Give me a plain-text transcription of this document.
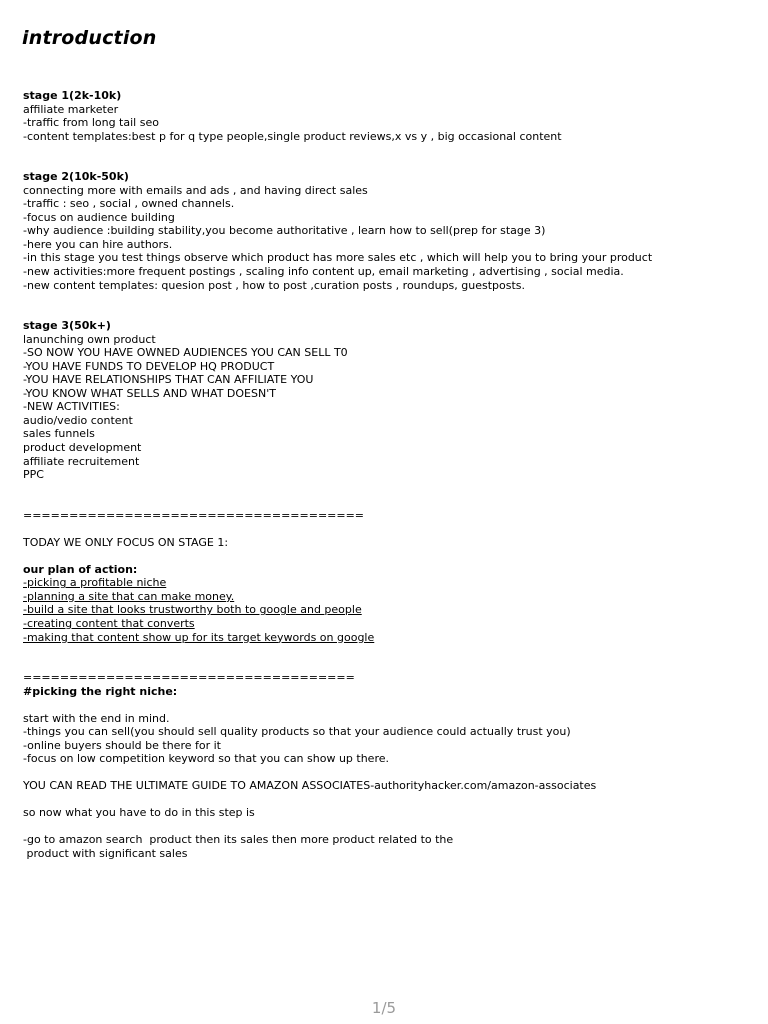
introduction
stage 1(2k-10k)
affiliate marketer
-traffic from long tail seo
-content templates:best p for q type people,single product reviews,x vs y , big occasional content
stage 2(10k-50k)
connecting more with emails and ads , and having direct sales
-traffic : seo , social , owned channels.
-focus on audience building
-why audience :building stability,you become authoritative , learn how to sell(prep for stage 3)
-here you can hire authors.
-in this stage you test things observe which product has more sales etc , which will help you to bring your product
-new activities:more frequent postings , scaling info content up, email marketing , advertising , social media.
-new content templates: quesion post , how to post ,curation posts , roundups, guestposts.
stage 3(50k+)
lanunching own product
-SO NOW YOU HAVE OWNED AUDIENCES YOU CAN SELL T0
-YOU HAVE FUNDS TO DEVELOP HQ PRODUCT
-YOU HAVE RELATIONSHIPS THAT CAN AFFILIATE YOU
-YOU KNOW WHAT SELLS AND WHAT DOESN'T
-NEW ACTIVITIES:
audio/vedio content
sales funnels
product development
affiliate recruitement
PPC
=====================================
TODAY WE ONLY FOCUS ON STAGE 1:
our plan of action:
-picking a profitable niche
-planning a site that can make money.
-build a site that looks trustworthy both to google and people
-creating content that converts
-making that content show up for its target keywords on google
====================================
#picking the right niche:
start with the end in mind.
-things you can sell(you should sell quality products so that your audience could actually trust you)
-online buyers should be there for it
-focus on low competition keyword so that you can show up there.
YOU CAN READ THE ULTIMATE GUIDE TO AMAZON ASSOCIATES-authorityhacker.com/amazon-associates
so now what you have to do in this step is
-go to amazon search  product then its sales then more product related to the
product with significant sales
1/5
